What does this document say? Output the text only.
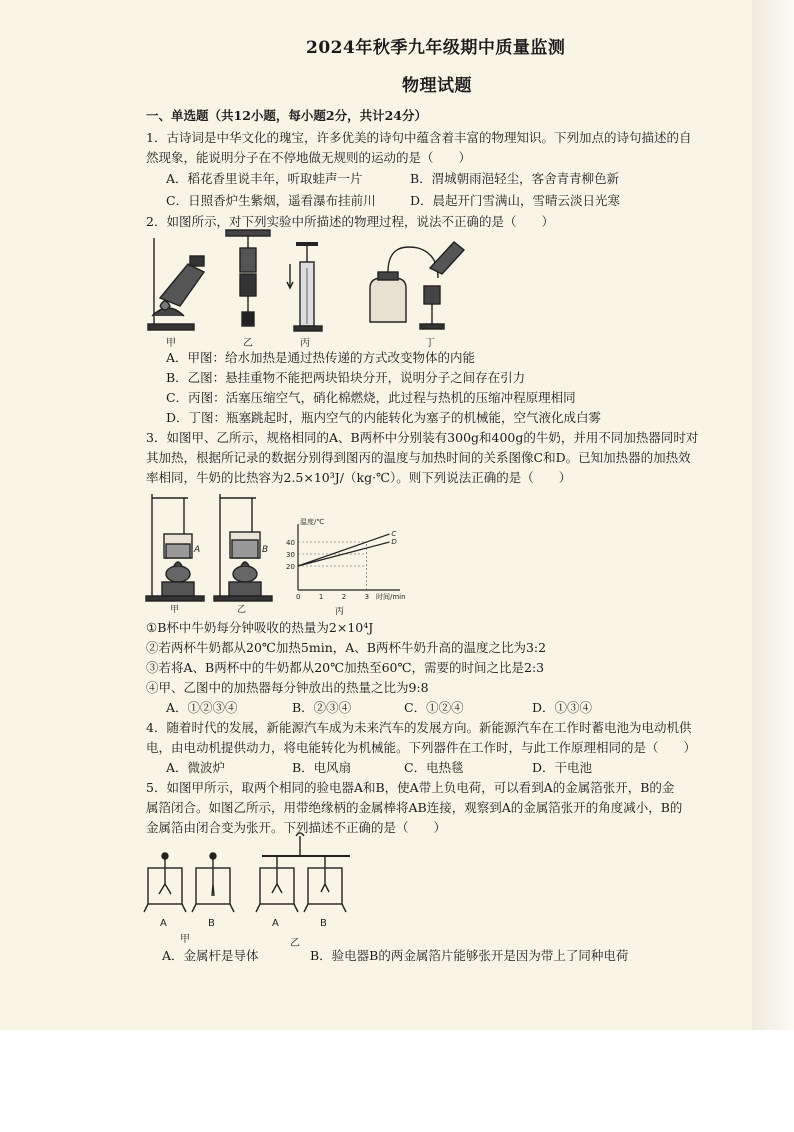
2024年秋季九年级期中质量监测
物理试题
一、单选题（共12小题，每小题2分，共计24分）
1．古诗词是中华文化的瑰宝，许多优美的诗句中蕴含着丰富的物理知识。下列加点的诗句描述的自
然现象，能说明分子在不停地做无规则的运动的是（　　）
A．稻花香里说丰年，听取蛙声一片	B．渭城朝雨浥轻尘，客舍青青柳色新
C．日照香炉生紫烟，遥看瀑布挂前川	D．晨起开门雪满山，雪晴云淡日光寒
2．如图所示，对下列实验中所描述的物理过程，说法不正确的是（　　）
甲	乙	丙	丁
A．甲图：给水加热是通过热传递的方式改变物体的内能
B．乙图：悬挂重物不能把两块铅块分开，说明分子之间存在引力
C．丙图：活塞压缩空气，硝化棉燃烧，此过程与热机的压缩冲程原理相同
D．丁图：瓶塞跳起时，瓶内空气的内能转化为塞子的机械能，空气液化成白雾
3．如图甲、乙所示，规格相同的A、B两杯中分别装有300g和400g的牛奶，并用不同加热器同时对
其加热，根据所记录的数据分别得到图丙的温度与加热时间的关系图像C和D。已知加热器的加热效
率相同，牛奶的比热容为2.5×10³J/（kg·℃）。则下列说法正确的是（　　）
A	B
甲	乙
温度/℃
时间/min
0	1	2	3
20
30
40
C
D
丙
①B杯中牛奶每分钟吸收的热量为2×10⁴J
②若两杯牛奶都从20℃加热5min，A、B两杯牛奶升高的温度之比为3:2
③若将A、B两杯中的牛奶都从20℃加热至60℃，需要的时间之比是2:3
④甲、乙图中的加热器每分钟放出的热量之比为9:8
A．①②③④	B．②③④	C．①②④	D．①③④
4．随着时代的发展，新能源汽车成为未来汽车的发展方向。新能源汽车在工作时蓄电池为电动机供
电，由电动机提供动力，将电能转化为机械能。下列器件在工作时，与此工作原理相同的是（　　）
A．微波炉	B．电风扇	C．电热毯	D．干电池
5．如图甲所示，取两个相同的验电器A和B，使A带上负电荷，可以看到A的金属箔张开，B的金
属箔闭合。如图乙所示，用带绝缘柄的金属棒将AB连接，观察到A的金属箔张开的角度减小，B的
金属箔由闭合变为张开。下列描述不正确的是（　　）
A	B	A	B
甲	乙
A．金属杆是导体	B．验电器B的两金属箔片能够张开是因为带上了同种电荷
